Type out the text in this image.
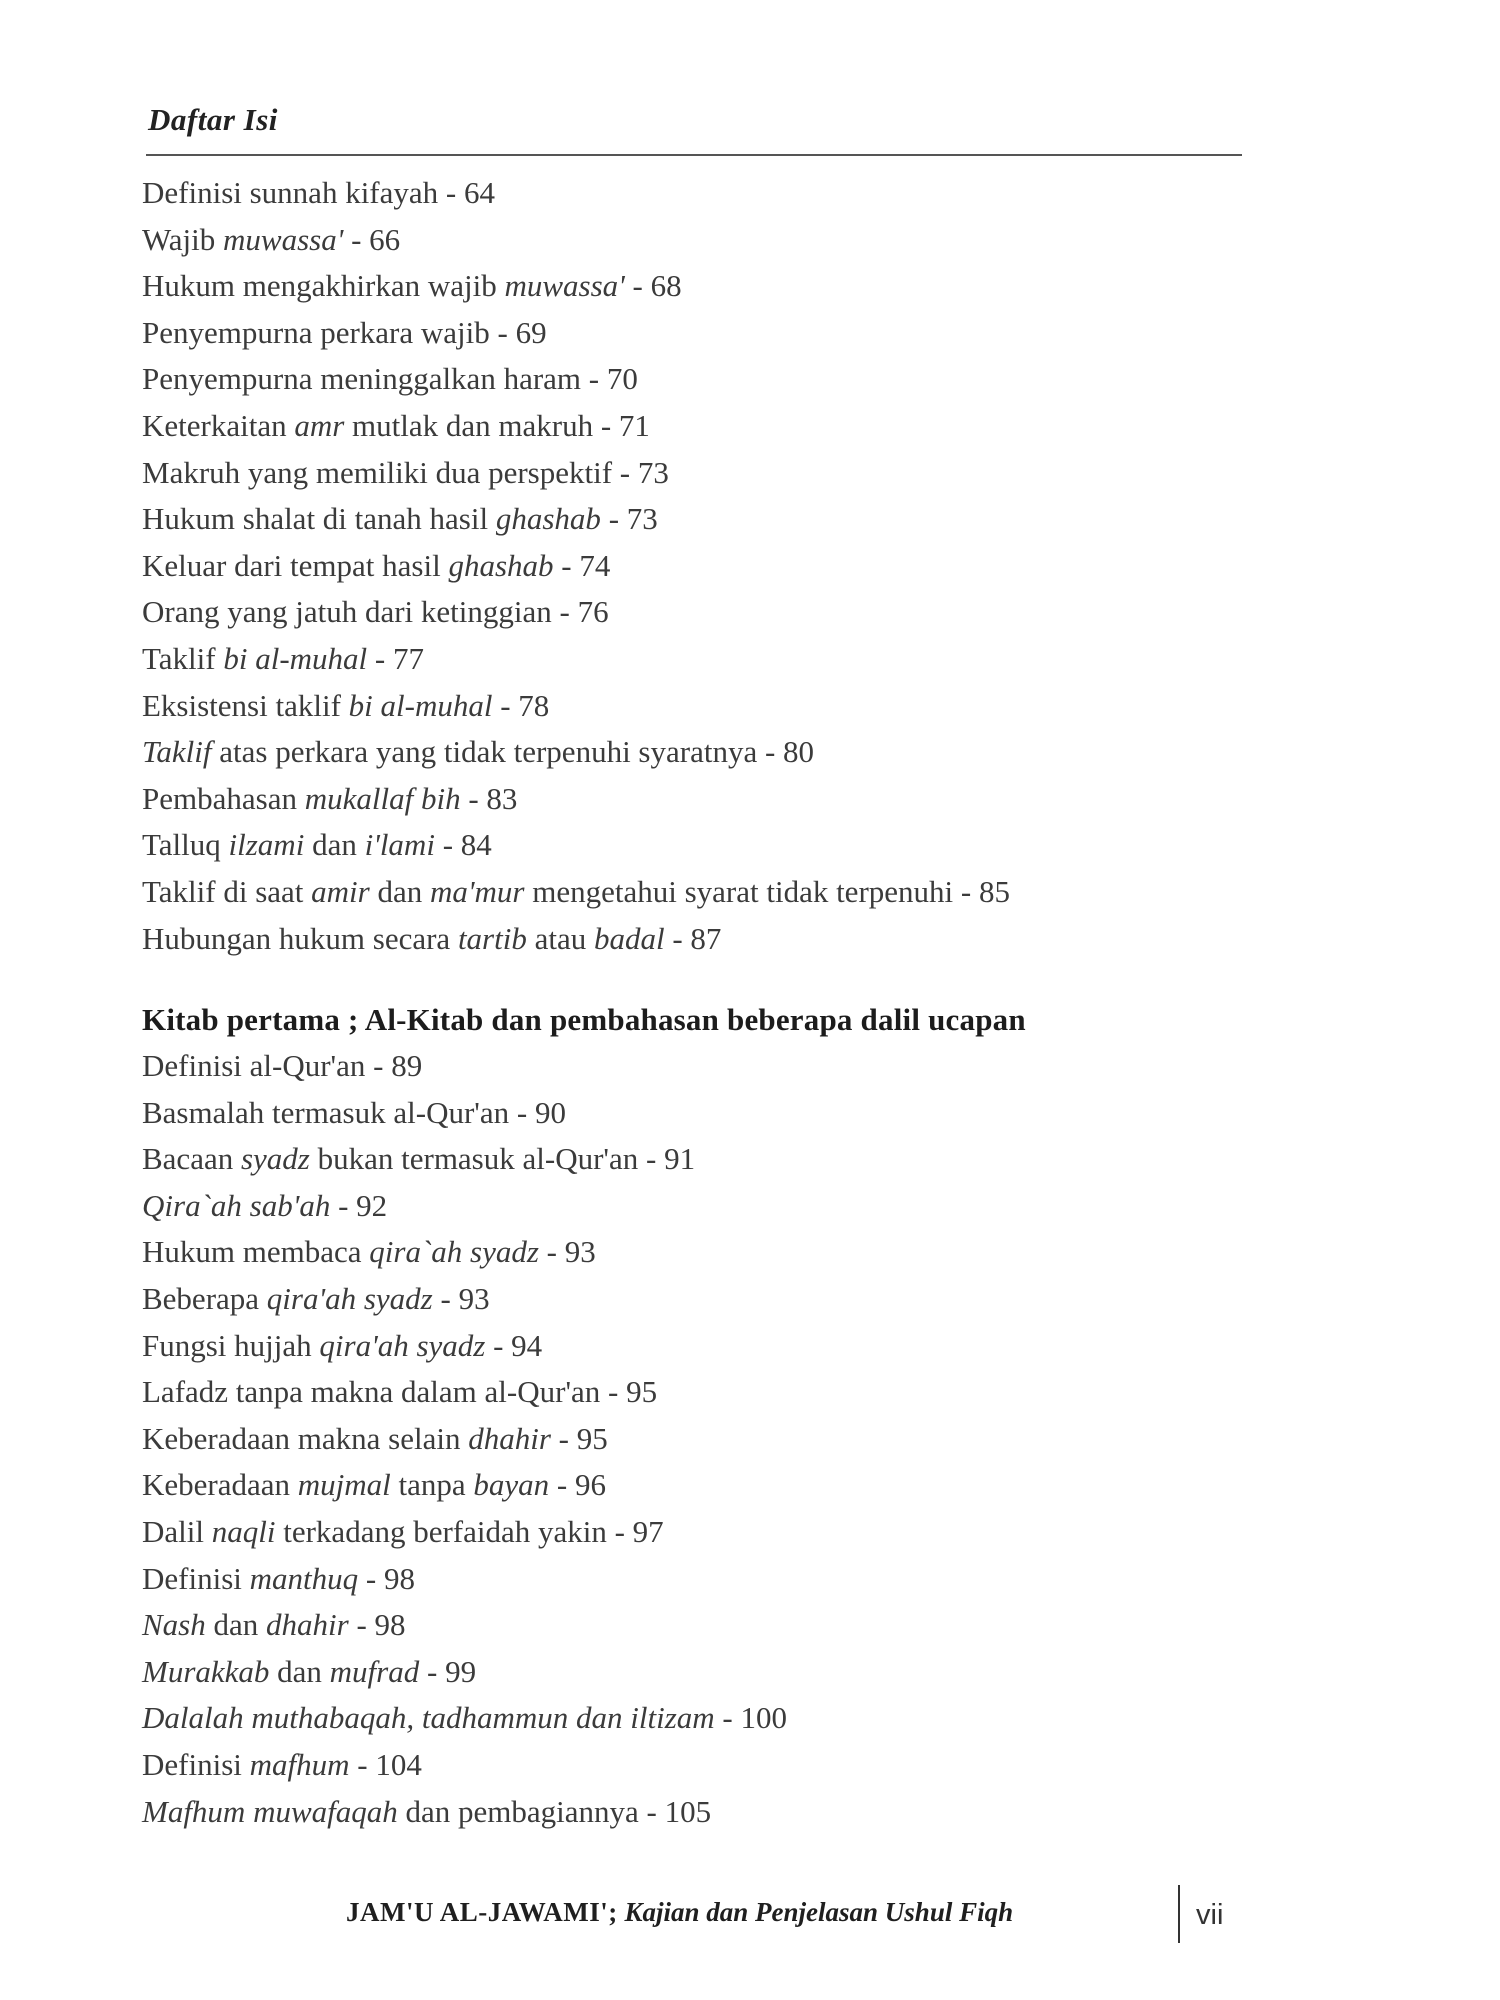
Daftar Isi
Definisi sunnah kifayah - 64
Wajib muwassa' - 66
Hukum mengakhirkan wajib muwassa' - 68
Penyempurna perkara wajib - 69
Penyempurna meninggalkan haram - 70
Keterkaitan amr mutlak dan makruh - 71
Makruh yang memiliki dua perspektif - 73
Hukum shalat di tanah hasil ghashab - 73
Keluar dari tempat hasil ghashab - 74
Orang yang jatuh dari ketinggian - 76
Taklif bi al-muhal - 77
Eksistensi taklif bi al-muhal - 78
Taklif atas perkara yang tidak terpenuhi syaratnya - 80
Pembahasan mukallaf bih - 83
Talluq ilzami dan i'lami - 84
Taklif di saat amir dan ma'mur mengetahui syarat tidak terpenuhi - 85
Hubungan hukum secara tartib atau badal - 87
Kitab pertama ; Al-Kitab dan pembahasan beberapa dalil ucapan
Definisi al-Qur'an - 89
Basmalah termasuk al-Qur'an - 90
Bacaan syadz bukan termasuk al-Qur'an - 91
Qira`ah sab'ah - 92
Hukum membaca qira`ah syadz - 93
Beberapa qira'ah syadz - 93
Fungsi hujjah qira'ah syadz - 94
Lafadz tanpa makna dalam al-Qur'an - 95
Keberadaan makna selain dhahir - 95
Keberadaan mujmal tanpa bayan - 96
Dalil naqli terkadang berfaidah yakin - 97
Definisi manthuq - 98
Nash dan dhahir - 98
Murakkab dan mufrad - 99
Dalalah muthabaqah, tadhammun dan iltizam - 100
Definisi mafhum - 104
Mafhum muwafaqah dan pembagiannya - 105
JAM'U AL-JAWAMI'; Kajian dan Penjelasan Ushul Fiqh	vii
